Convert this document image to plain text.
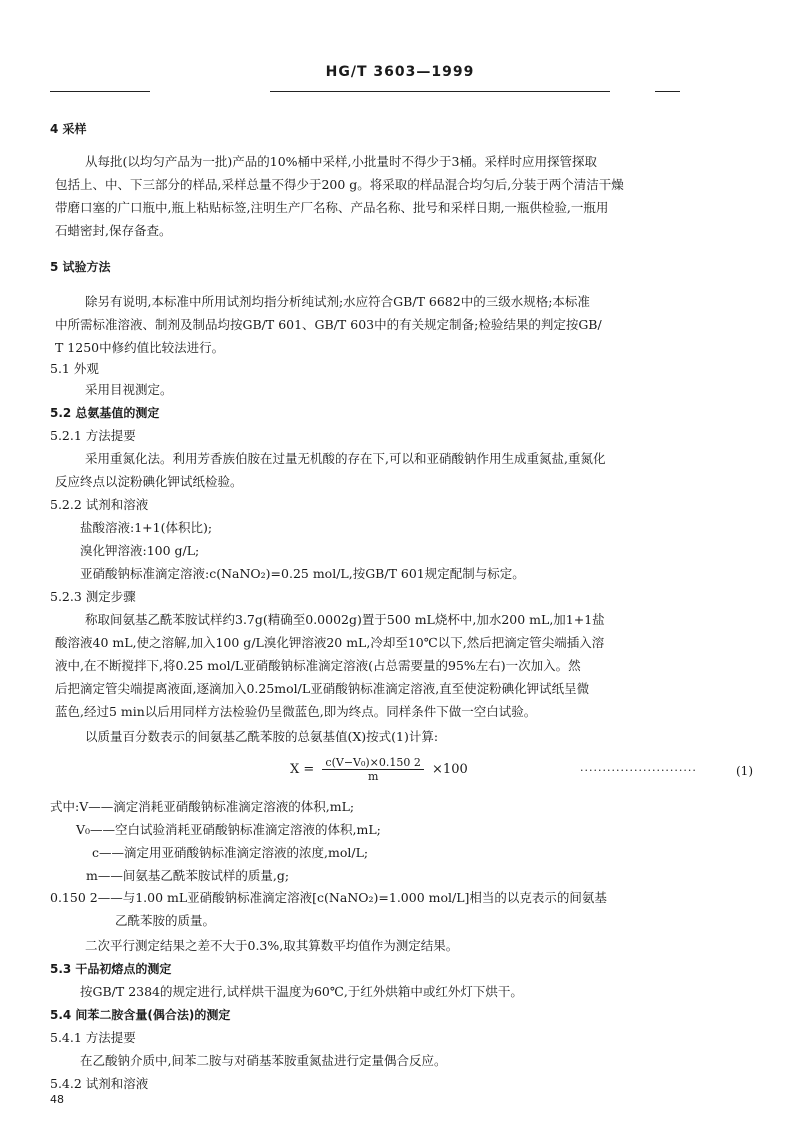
HG/T 3603—1999
4 采样
从每批(以均匀产品为一批)产品的10%桶中采样,小批量时不得少于3桶。采样时应用探管探取
包括上、中、下三部分的样品,采样总量不得少于200 g。将采取的样品混合均匀后,分装于两个清洁干燥
带磨口塞的广口瓶中,瓶上粘贴标签,注明生产厂名称、产品名称、批号和采样日期,一瓶供检验,一瓶用
石蜡密封,保存备查。
5 试验方法
除另有说明,本标准中所用试剂均指分析纯试剂;水应符合GB/T 6682中的三级水规格;本标准
中所需标准溶液、制剂及制品均按GB/T 601、GB/T 603中的有关规定制备;检验结果的判定按GB/
T 1250中修约值比较法进行。
5.1 外观
采用目视测定。
5.2 总氨基值的测定
5.2.1 方法提要
采用重氮化法。利用芳香族伯胺在过量无机酸的存在下,可以和亚硝酸钠作用生成重氮盐,重氮化
反应终点以淀粉碘化钾试纸检验。
5.2.2 试剂和溶液
盐酸溶液:1+1(体积比);
溴化钾溶液:100 g/L;
亚硝酸钠标准滴定溶液:c(NaNO₂)=0.25 mol/L,按GB/T 601规定配制与标定。
5.2.3 测定步骤
称取间氨基乙酰苯胺试样约3.7g(精确至0.0002g)置于500 mL烧杯中,加水200 mL,加1+1盐
酸溶液40 mL,使之溶解,加入100 g/L溴化钾溶液20 mL,冷却至10℃以下,然后把滴定管尖端插入溶
液中,在不断搅拌下,将0.25 mol/L亚硝酸钠标准滴定溶液(占总需要量的95%左右)一次加入。然
后把滴定管尖端提离液面,逐滴加入0.25mol/L亚硝酸钠标准滴定溶液,直至使淀粉碘化钾试纸呈微
蓝色,经过5 min以后用同样方法检验仍呈微蓝色,即为终点。同样条件下做一空白试验。
以质量百分数表示的间氨基乙酰苯胺的总氨基值(X)按式(1)计算:
式中:V——滴定消耗亚硝酸钠标准滴定溶液的体积,mL;
V₀——空白试验消耗亚硝酸钠标准滴定溶液的体积,mL;
c——滴定用亚硝酸钠标准滴定溶液的浓度,mol/L;
m——间氨基乙酰苯胺试样的质量,g;
0.150 2——与1.00 mL亚硝酸钠标准滴定溶液[c(NaNO₂)=1.000 mol/L]相当的以克表示的间氨基
乙酰苯胺的质量。
二次平行测定结果之差不大于0.3%,取其算数平均值作为测定结果。
5.3 干品初熔点的测定
按GB/T 2384的规定进行,试样烘干温度为60℃,于红外烘箱中或红外灯下烘干。
5.4 间苯二胺含量(偶合法)的测定
5.4.1 方法提要
在乙酸钠介质中,间苯二胺与对硝基苯胺重氮盐进行定量偶合反应。
5.4.2 试剂和溶液
$X = \frac{\text{c(V−V₀)×0.150 2}}{m} \times 100$	··························	(1)
48
